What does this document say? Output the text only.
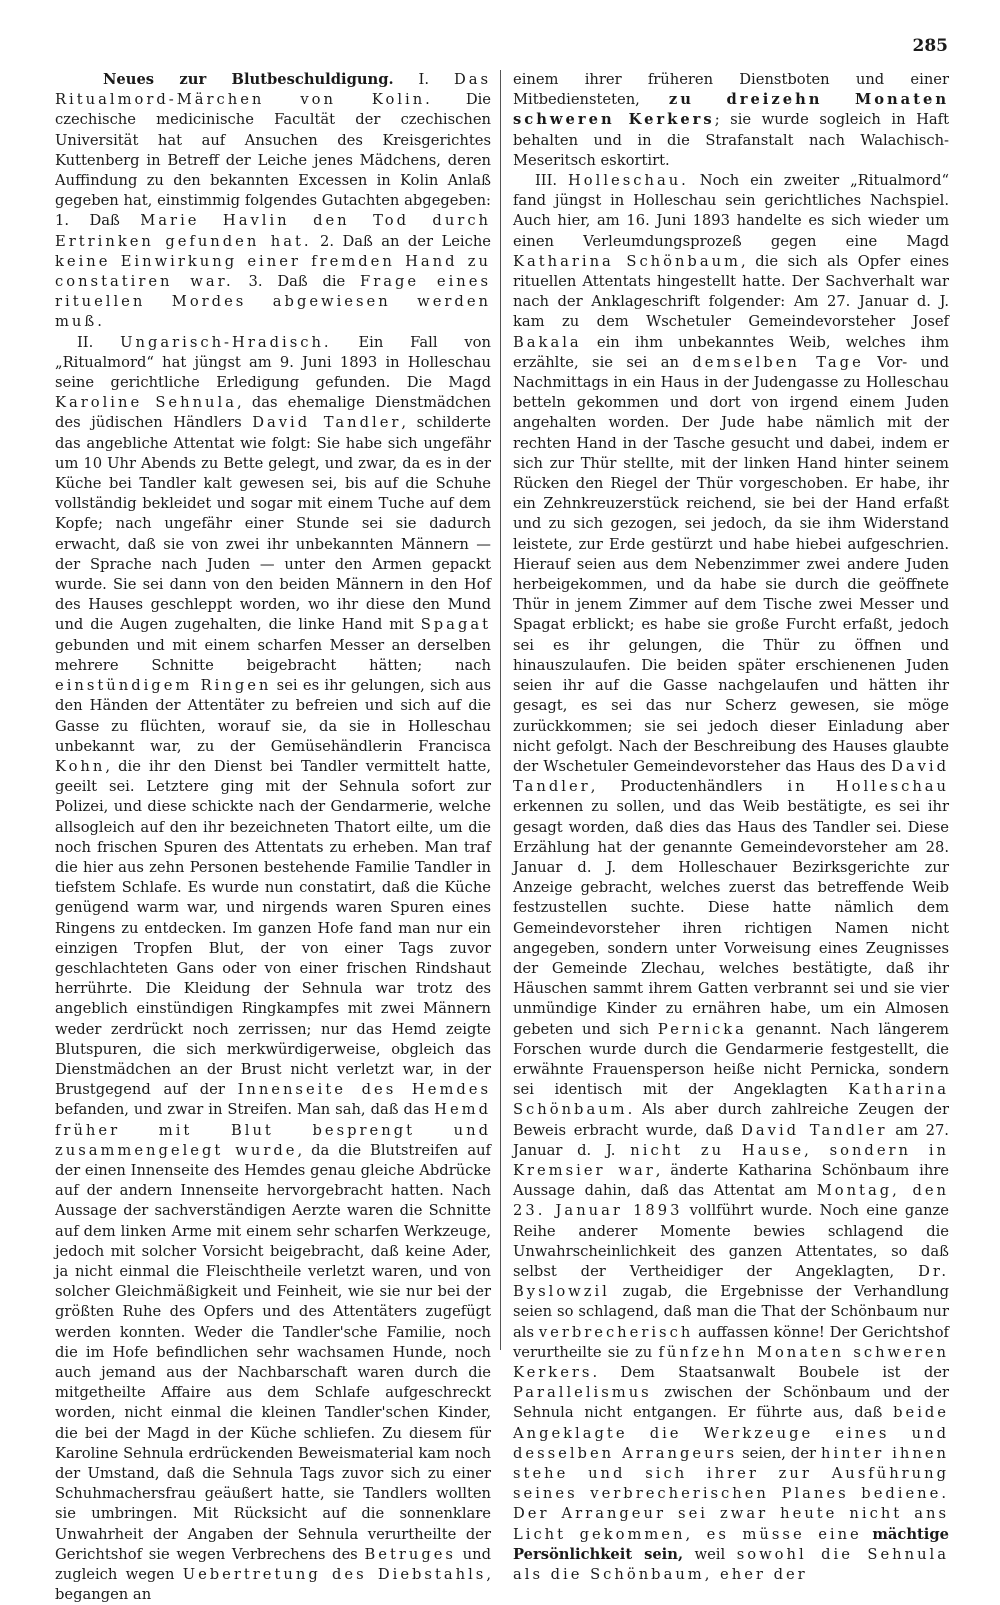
285

Neues zur Blutbeschuldigung. I. Das Ritualmord-Märchen von Kolin. Die czechische medicinische Facultät der czechischen Universität hat auf Ansuchen des Kreisgerichtes Kuttenberg in Betreff der Leiche jenes Mädchens, deren Auffindung zu den bekannten Excessen in Kolin Anlaß gegeben hat, einstimmig folgendes Gutachten abgegeben: 1. Daß Marie Havlin den Tod durch Ertrinken gefunden hat. 2. Daß an der Leiche keine Einwirkung einer fremden Hand zu constatiren war. 3. Daß die Frage eines rituellen Mordes abgewiesen werden muß.

II. Ungarisch-Hradisch. Ein Fall von „Ritualmord“ hat jüngst am 9. Juni 1893 in Holleschau seine gerichtliche Erledigung gefunden. Die Magd Karoline Sehnula, das ehemalige Dienstmädchen des jüdischen Händlers David Tandler, schilderte das angebliche Attentat wie folgt: Sie habe sich ungefähr um 10 Uhr Abends zu Bette gelegt, und zwar, da es in der Küche bei Tandler kalt gewesen sei, bis auf die Schuhe vollständig bekleidet und sogar mit einem Tuche auf dem Kopfe; nach ungefähr einer Stunde sei sie dadurch erwacht, daß sie von zwei ihr unbekannten Männern — der Sprache nach Juden — unter den Armen gepackt wurde. Sie sei dann von den beiden Männern in den Hof des Hauses geschleppt worden, wo ihr diese den Mund und die Augen zugehalten, die linke Hand mit Spagat gebunden und mit einem scharfen Messer an derselben mehrere Schnitte beigebracht hätten; nach einstündigem Ringen sei es ihr gelungen, sich aus den Händen der Attentäter zu befreien und sich auf die Gasse zu flüchten, worauf sie, da sie in Holleschau unbekannt war, zu der Gemüsehändlerin Francisca Kohn, die ihr den Dienst bei Tandler vermittelt hatte, geeilt sei. Letztere ging mit der Sehnula sofort zur Polizei, und diese schickte nach der Gendarmerie, welche allsogleich auf den ihr bezeichneten Thatort eilte, um die noch frischen Spuren des Attentats zu erheben. Man traf die hier aus zehn Personen bestehende Familie Tandler in tiefstem Schlafe. Es wurde nun constatirt, daß die Küche genügend warm war, und nirgends waren Spuren eines Ringens zu entdecken. Im ganzen Hofe fand man nur ein einzigen Tropfen Blut, der von einer Tags zuvor geschlachteten Gans oder von einer frischen Rindshaut herrührte. Die Kleidung der Sehnula war trotz des angeblich einstündigen Ringkampfes mit zwei Männern weder zerdrückt noch zerrissen; nur das Hemd zeigte Blutspuren, die sich merkwürdigerweise, obgleich das Dienstmädchen an der Brust nicht verletzt war, in der Brustgegend auf der Innenseite des Hemdes befanden, und zwar in Streifen. Man sah, daß das Hemd früher mit Blut besprengt und zusammengelegt wurde, da die Blutstreifen auf der einen Innenseite des Hemdes genau gleiche Abdrücke auf der andern Innenseite hervorgebracht hatten. Nach Aussage der sachverständigen Aerzte waren die Schnitte auf dem linken Arme mit einem sehr scharfen Werkzeuge, jedoch mit solcher Vorsicht beigebracht, daß keine Ader, ja nicht einmal die Fleischtheile verletzt waren, und von solcher Gleichmäßigkeit und Feinheit, wie sie nur bei der größten Ruhe des Opfers und des Attentäters zugefügt werden konnten. Weder die Tandler'sche Familie, noch die im Hofe befindlichen sehr wachsamen Hunde, noch auch jemand aus der Nachbarschaft waren durch die mitgetheilte Affaire aus dem Schlafe aufgeschreckt worden, nicht einmal die kleinen Tandler'schen Kinder, die bei der Magd in der Küche schliefen. Zu diesem für Karoline Sehnula erdrückenden Beweismaterial kam noch der Umstand, daß die Sehnula Tags zuvor sich zu einer Schuhmachersfrau geäußert hatte, sie Tandlers wollten sie umbringen. Mit Rücksicht auf die sonnenklare Unwahrheit der Angaben der Sehnula verurtheilte der Gerichtshof sie wegen Verbrechens des Betruges und zugleich wegen Uebertretung des Diebstahls, begangen an

einem ihrer früheren Dienstboten und einer Mitbediensteten, zu dreizehn Monaten schweren Kerkers; sie wurde sogleich in Haft behalten und in die Strafanstalt nach Walachisch-Meseritsch eskortirt.

III. Holleschau. Noch ein zweiter „Ritualmord“ fand jüngst in Holleschau sein gerichtliches Nachspiel. Auch hier, am 16. Juni 1893 handelte es sich wieder um einen Verleumdungsprozeß gegen eine Magd Katharina Schönbaum, die sich als Opfer eines rituellen Attentats hingestellt hatte. Der Sachverhalt war nach der Anklageschrift folgender: Am 27. Januar d. J. kam zu dem Wschetuler Gemeindevorsteher Josef Bakala ein ihm unbekanntes Weib, welches ihm erzählte, sie sei an demselben Tage Vor- und Nachmittags in ein Haus in der Judengasse zu Holleschau betteln gekommen und dort von irgend einem Juden angehalten worden. Der Jude habe nämlich mit der rechten Hand in der Tasche gesucht und dabei, indem er sich zur Thür stellte, mit der linken Hand hinter seinem Rücken den Riegel der Thür vorgeschoben. Er habe, ihr ein Zehnkreuzerstück reichend, sie bei der Hand erfaßt und zu sich gezogen, sei jedoch, da sie ihm Widerstand leistete, zur Erde gestürzt und habe hiebei aufgeschrien. Hierauf seien aus dem Nebenzimmer zwei andere Juden herbeigekommen, und da habe sie durch die geöffnete Thür in jenem Zimmer auf dem Tische zwei Messer und Spagat erblickt; es habe sie große Furcht erfaßt, jedoch sei es ihr gelungen, die Thür zu öffnen und hinauszulaufen. Die beiden später erschienenen Juden seien ihr auf die Gasse nachgelaufen und hätten ihr gesagt, es sei das nur Scherz gewesen, sie möge zurückkommen; sie sei jedoch dieser Einladung aber nicht gefolgt. Nach der Beschreibung des Hauses glaubte der Wschetuler Gemeindevorsteher das Haus des David Tandler, Productenhändlers in Holleschau erkennen zu sollen, und das Weib bestätigte, es sei ihr gesagt worden, daß dies das Haus des Tandler sei. Diese Erzählung hat der genannte Gemeindevorsteher am 28. Januar d. J. dem Holleschauer Bezirksgerichte zur Anzeige gebracht, welches zuerst das betreffende Weib festzustellen suchte. Diese hatte nämlich dem Gemeindevorsteher ihren richtigen Namen nicht angegeben, sondern unter Vorweisung eines Zeugnisses der Gemeinde Zlechau, welches bestätigte, daß ihr Häuschen sammt ihrem Gatten verbrannt sei und sie vier unmündige Kinder zu ernähren habe, um ein Almosen gebeten und sich Pernicka genannt. Nach längerem Forschen wurde durch die Gendarmerie festgestellt, die erwähnte Frauensperson heiße nicht Pernicka, sondern sei identisch mit der Angeklagten Katharina Schönbaum. Als aber durch zahlreiche Zeugen der Beweis erbracht wurde, daß David Tandler am 27. Januar d. J. nicht zu Hause, sondern in Kremsier war, änderte Katharina Schönbaum ihre Aussage dahin, daß das Attentat am Montag, den 23. Januar 1893 vollführt wurde. Noch eine ganze Reihe anderer Momente bewies schlagend die Unwahrscheinlichkeit des ganzen Attentates, so daß selbst der Vertheidiger der Angeklagten, Dr. Byslowzil zugab, die Ergebnisse der Verhandlung seien so schlagend, daß man die That der Schönbaum nur als verbrecherisch auffassen könne! Der Gerichtshof verurtheilte sie zu fünfzehn Monaten schweren Kerkers. Dem Staatsanwalt Boubele ist der Parallelismus zwischen der Schönbaum und der Sehnula nicht entgangen. Er führte aus, daß beide Angeklagte die Werkzeuge eines und desselben Arrangeurs seien, der hinter ihnen stehe und sich ihrer zur Ausführung seines verbrecherischen Planes bediene. Der Arrangeur sei zwar heute nicht ans Licht gekommen, es müsse eine mächtige Persönlichkeit sein, weil sowohl die Sehnula als die Schönbaum, eher der
